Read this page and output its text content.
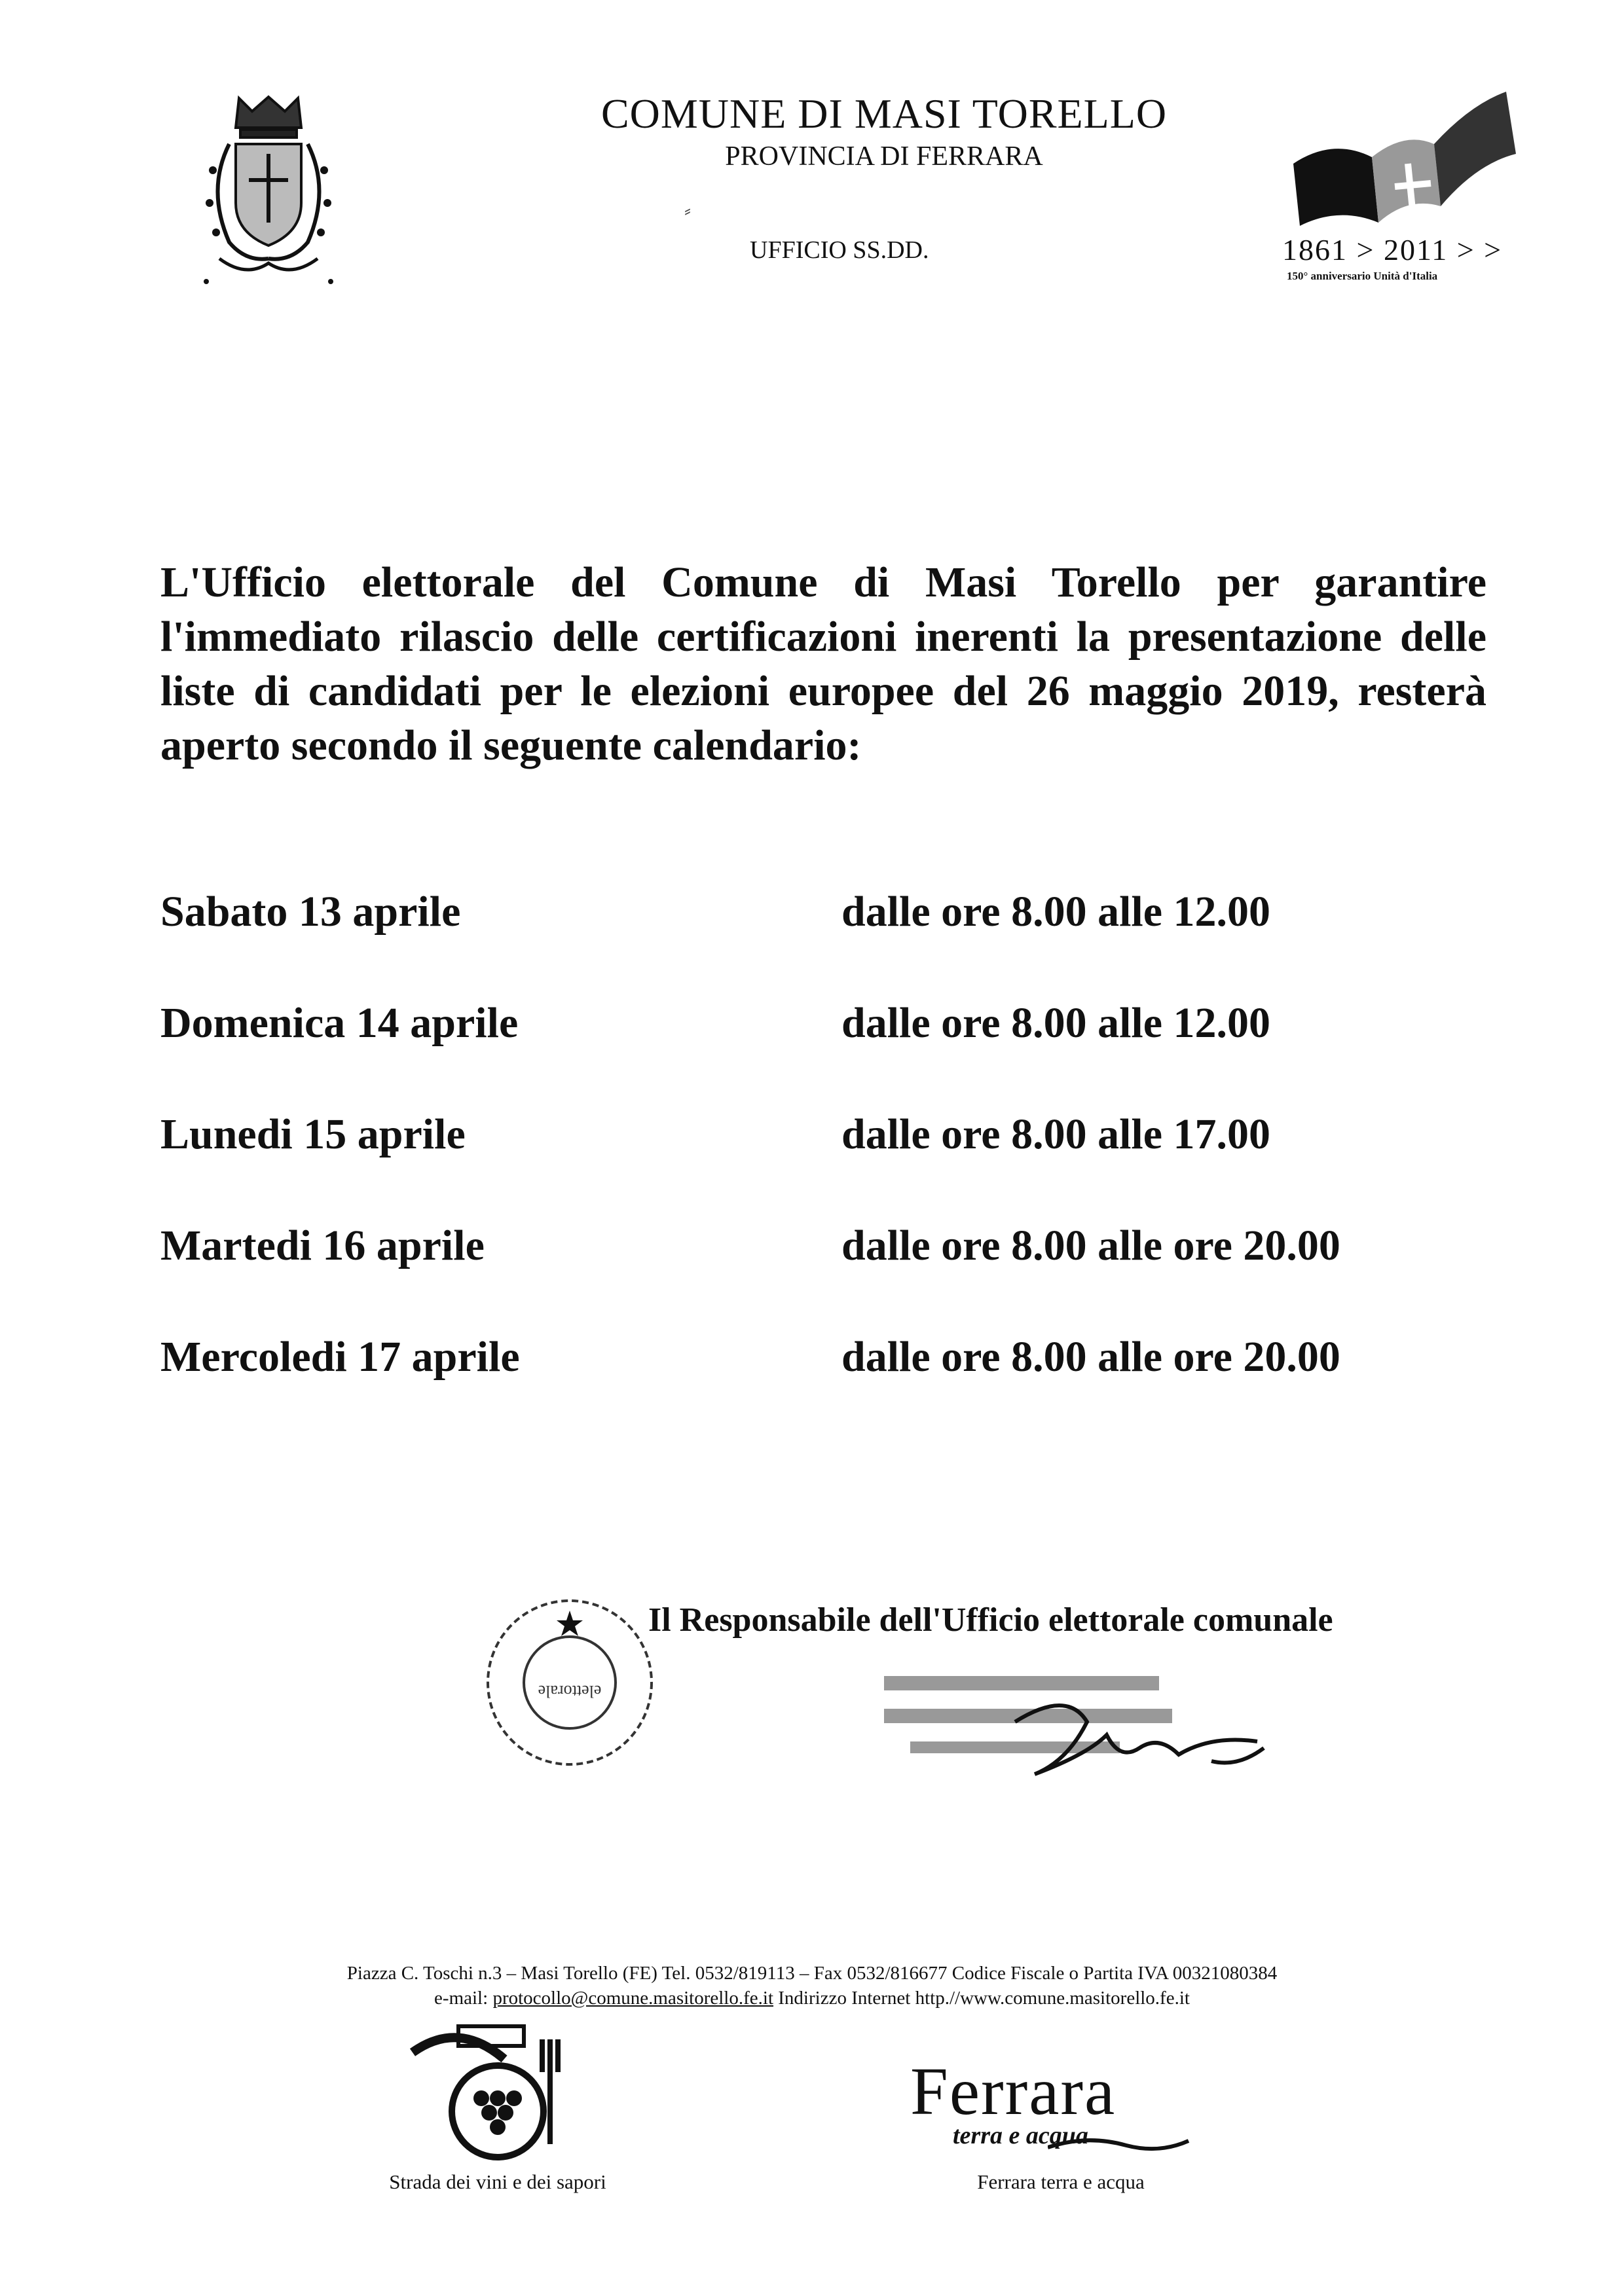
COMUNE DI MASI TORELLO
PROVINCIA DI FERRARA
⸗
UFFICIO SS.DD.	1861 > 2011 > >
150° anniversario Unità d'Italia
L'Ufficio elettorale del Comune di Masi Torello per garantire l'immediato rilascio delle certificazioni inerenti la presentazione delle liste di candidati per le elezioni europee del 26 maggio 2019, resterà aperto secondo il seguente calendario:
Sabato 13 aprile	dalle ore 8.00 alle 12.00
Domenica 14 aprile	dalle ore 8.00 alle 12.00
Lunedi 15 aprile	dalle ore 8.00 alle 17.00
Martedi 16 aprile	dalle ore 8.00 alle ore 20.00
Mercoledi 17 aprile	dalle ore 8.00 alle ore 20.00
elettorale
Il Responsabile dell'Ufficio elettorale comunale
Piazza C. Toschi n.3 – Masi Torello (FE) Tel. 0532/819113 – Fax 0532/816677 Codice Fiscale o Partita IVA 00321080384
e-mail: protocollo@comune.masitorello.fe.it Indirizzo Internet http.//www.comune.masitorello.fe.it
Strada dei vini e dei sapori
Ferrara
terra e acqua
Ferrara terra e acqua
